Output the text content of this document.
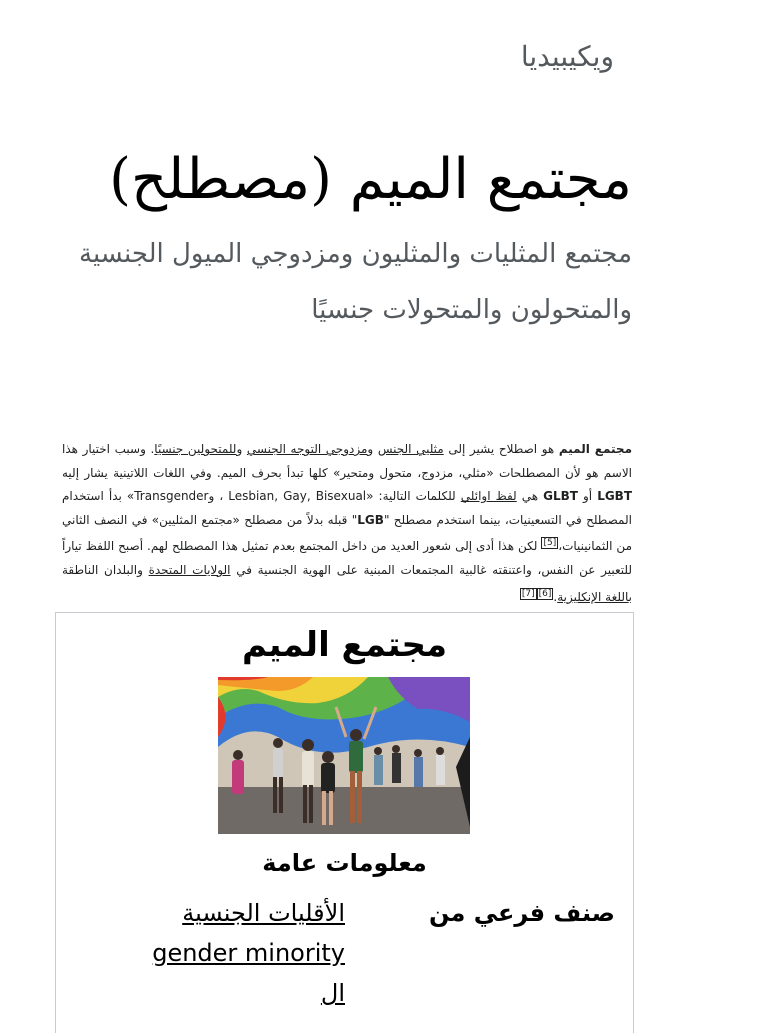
ويكيبيديا
مجتمع الميم (مصطلح)
مجتمع المثليات والمثليون ومزدوجي الميول الجنسية والمتحولون والمتحولات جنسيًا

مجتمع الميم هو اصطلاح يشير إلى مثليي الجنس ومزدوجي التوجه الجنسي وللمتحولين جنسيًا. وسبب اختيار هذا الاسم هو لأن المصطلحات «مثلي، مزدوج، متحول ومتحير» كلها تبدأ بحرف الميم. وفي اللغات اللاتينية يشار إليه LGBT أو GLBT هي لفظ اوائلي للكلمات التالية: «Lesbian, Gay, Bisexual ، وTransgender» بدأ استخدام المصطلح في التسعينيات، بينما استخدم مصطلح "LGB" قبله بدلاً من مصطلح «مجتمع المثليين» في النصف الثاني من الثمانينيات،[5] لكن هذا أدى إلى شعور العديد من داخل المجتمع بعدم تمثيل هذا المصطلح لهم. أصبح اللفظ تياراً للتعبير عن النفس، واعتنقته غالبية المجتمعات المبنية على الهوية الجنسية في الولايات المتحدة والبلدان الناطقة باللغة الإنكليزية.[6][7]

مجتمع الميم
معلومات عامة
صنف فرعي من
الأقليات الجنسية
gender minority
ال
